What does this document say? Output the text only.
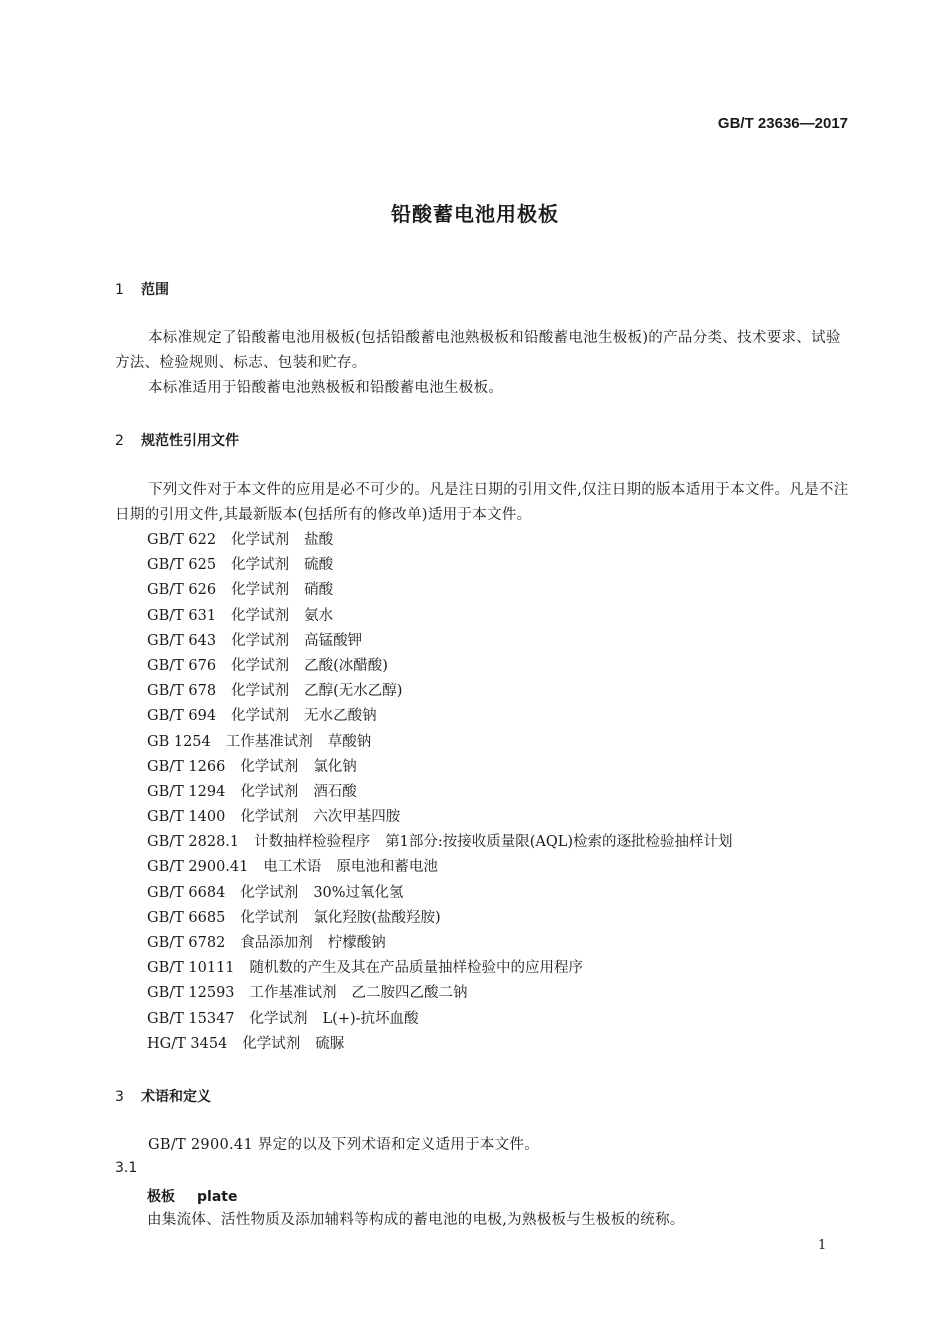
GB/T 23636—2017
铅酸蓄电池用极板
1 范围
本标准规定了铅酸蓄电池用极板(包括铅酸蓄电池熟极板和铅酸蓄电池生极板)的产品分类、技术要求、试验方法、检验规则、标志、包装和贮存。
本标准适用于铅酸蓄电池熟极板和铅酸蓄电池生极板。
2 规范性引用文件
下列文件对于本文件的应用是必不可少的。凡是注日期的引用文件,仅注日期的版本适用于本文件。凡是不注日期的引用文件,其最新版本(包括所有的修改单)适用于本文件。
GB/T 622 化学试剂 盐酸
GB/T 625 化学试剂 硫酸
GB/T 626 化学试剂 硝酸
GB/T 631 化学试剂 氨水
GB/T 643 化学试剂 高锰酸钾
GB/T 676 化学试剂 乙酸(冰醋酸)
GB/T 678 化学试剂 乙醇(无水乙醇)
GB/T 694 化学试剂 无水乙酸钠
GB 1254 工作基准试剂 草酸钠
GB/T 1266 化学试剂 氯化钠
GB/T 1294 化学试剂 酒石酸
GB/T 1400 化学试剂 六次甲基四胺
GB/T 2828.1 计数抽样检验程序 第1部分:按接收质量限(AQL)检索的逐批检验抽样计划
GB/T 2900.41 电工术语 原电池和蓄电池
GB/T 6684 化学试剂 30%过氧化氢
GB/T 6685 化学试剂 氯化羟胺(盐酸羟胺)
GB/T 6782 食品添加剂 柠檬酸钠
GB/T 10111 随机数的产生及其在产品质量抽样检验中的应用程序
GB/T 12593 工作基准试剂 乙二胺四乙酸二钠
GB/T 15347 化学试剂 L(+)-抗坏血酸
HG/T 3454 化学试剂 硫脲
3 术语和定义
GB/T 2900.41 界定的以及下列术语和定义适用于本文件。
3.1
极板 plate
由集流体、活性物质及添加辅料等构成的蓄电池的电极,为熟极板与生极板的统称。
1
